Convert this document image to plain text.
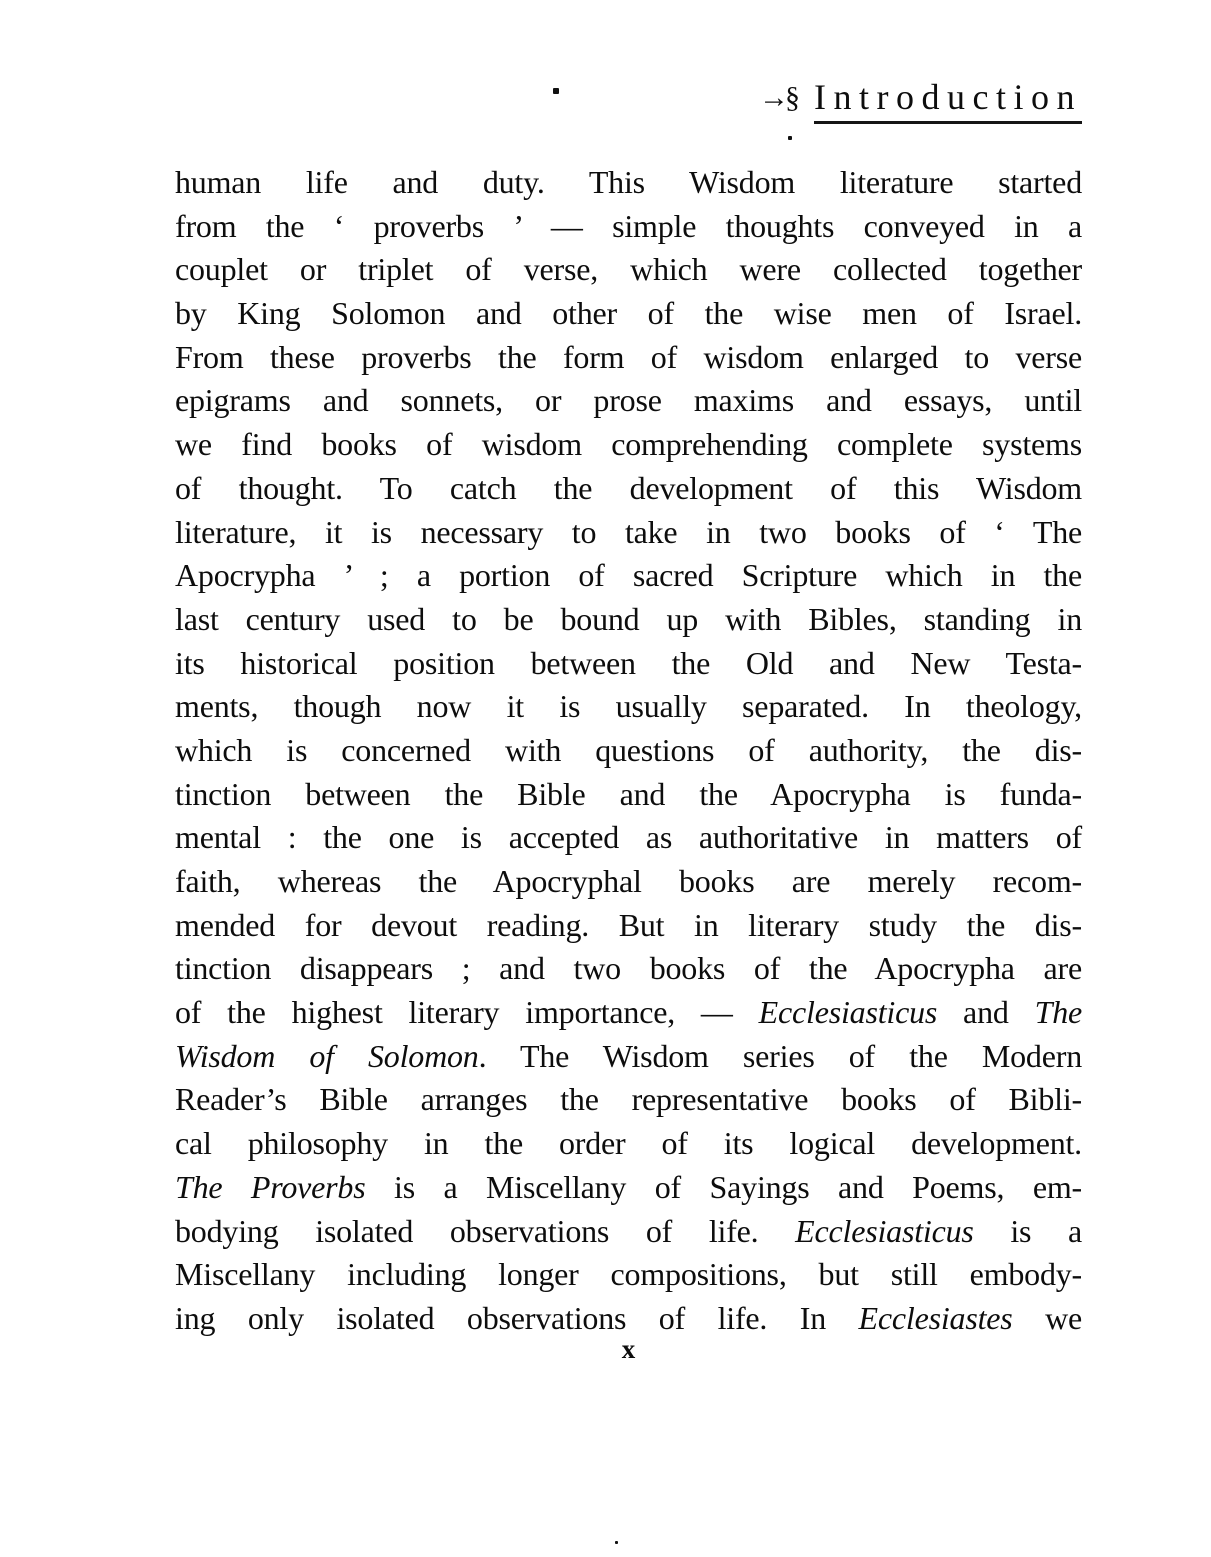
→§ Introduction
human life and duty. This Wisdom literature started
from the ‘ proverbs ’ — simple thoughts conveyed in a
couplet or triplet of verse, which were collected together
by King Solomon and other of the wise men of Israel.
From these proverbs the form of wisdom enlarged to verse
epigrams and sonnets, or prose maxims and essays, until
we find books of wisdom comprehending complete systems
of thought. To catch the development of this Wisdom
literature, it is necessary to take in two books of ‘ The
Apocrypha ’ ; a portion of sacred Scripture which in the
last century used to be bound up with Bibles, standing in
its historical position between the Old and New Testa-
ments, though now it is usually separated. In theology,
which is concerned with questions of authority, the dis-
tinction between the Bible and the Apocrypha is funda-
mental : the one is accepted as authoritative in matters of
faith, whereas the Apocryphal books are merely recom-
mended for devout reading. But in literary study the dis-
tinction disappears ; and two books of the Apocrypha are
of the highest literary importance, — Ecclesiasticus and The
Wisdom of Solomon. The Wisdom series of the Modern
Reader’s Bible arranges the representative books of Bibli-
cal philosophy in the order of its logical development.
The Proverbs is a Miscellany of Sayings and Poems, em-
bodying isolated observations of life. Ecclesiasticus is a
Miscellany including longer compositions, but still embody-
ing only isolated observations of life. In Ecclesiastes we
x
